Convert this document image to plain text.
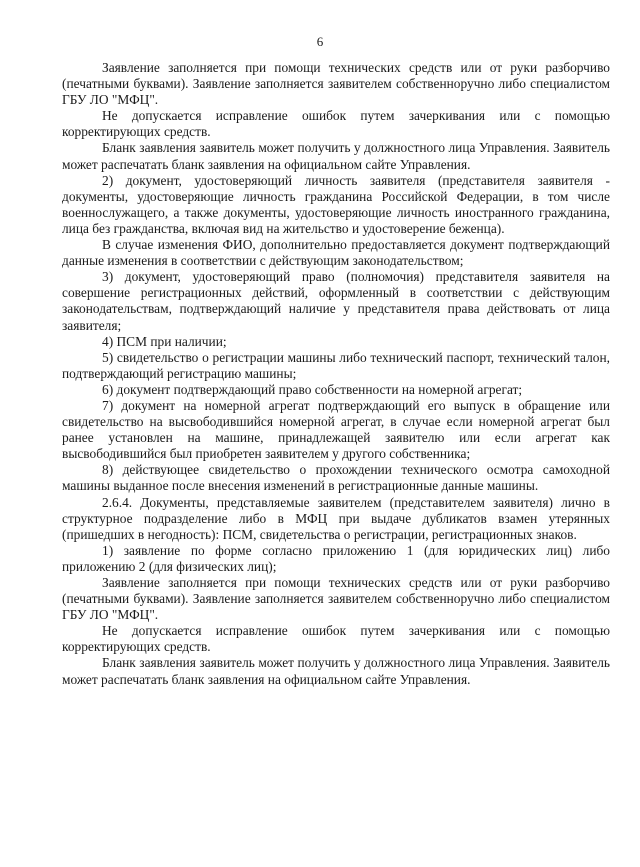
6

Заявление заполняется при помощи технических средств или от руки разборчиво (печатными буквами). Заявление заполняется заявителем собственноручно либо специалистом ГБУ ЛО "МФЦ".

Не допускается исправление ошибок путем зачеркивания или с помощью корректирующих средств.

Бланк заявления заявитель может получить у должностного лица Управления. Заявитель может распечатать бланк заявления на официальном сайте Управления.

2) документ, удостоверяющий личность заявителя (представителя заявителя - документы, удостоверяющие личность гражданина Российской Федерации, в том числе военнослужащего, а также документы, удостоверяющие личность иностранного гражданина, лица без гражданства, включая вид на жительство и удостоверение беженца).

В случае изменения ФИО, дополнительно предоставляется документ подтверждающий данные изменения в соответствии с действующим законодательством;

3) документ, удостоверяющий право (полномочия) представителя заявителя на совершение регистрационных действий, оформленный в соответствии с действующим законодательствам, подтверждающий наличие у представителя права действовать от лица заявителя;

4) ПСМ при наличии;

5) свидетельство о регистрации машины либо технический паспорт, технический талон, подтверждающий регистрацию машины;

6) документ подтверждающий право собственности на номерной агрегат;

7) документ на номерной агрегат подтверждающий его выпуск в обращение или свидетельство на высвободившийся номерной агрегат, в случае если номерной агрегат был ранее установлен на машине, принадлежащей заявителю или если агрегат как высвободившийся был приобретен заявителем у другого собственника;

8) действующее свидетельство о прохождении технического осмотра самоходной машины выданное после внесения изменений в регистрационные данные машины.

2.6.4. Документы, представляемые заявителем (представителем заявителя) лично в структурное подразделение либо в МФЦ при выдаче дубликатов взамен утерянных (пришедших в негодность): ПСМ, свидетельства о регистрации, регистрационных знаков.

1) заявление по форме согласно приложению 1 (для юридических лиц) либо приложению 2 (для физических лиц);

Заявление заполняется при помощи технических средств или от руки разборчиво (печатными буквами). Заявление заполняется заявителем собственноручно либо специалистом ГБУ ЛО "МФЦ".

Не допускается исправление ошибок путем зачеркивания или с помощью корректирующих средств.

Бланк заявления заявитель может получить у должностного лица Управления. Заявитель может распечатать бланк заявления на официальном сайте Управления.
